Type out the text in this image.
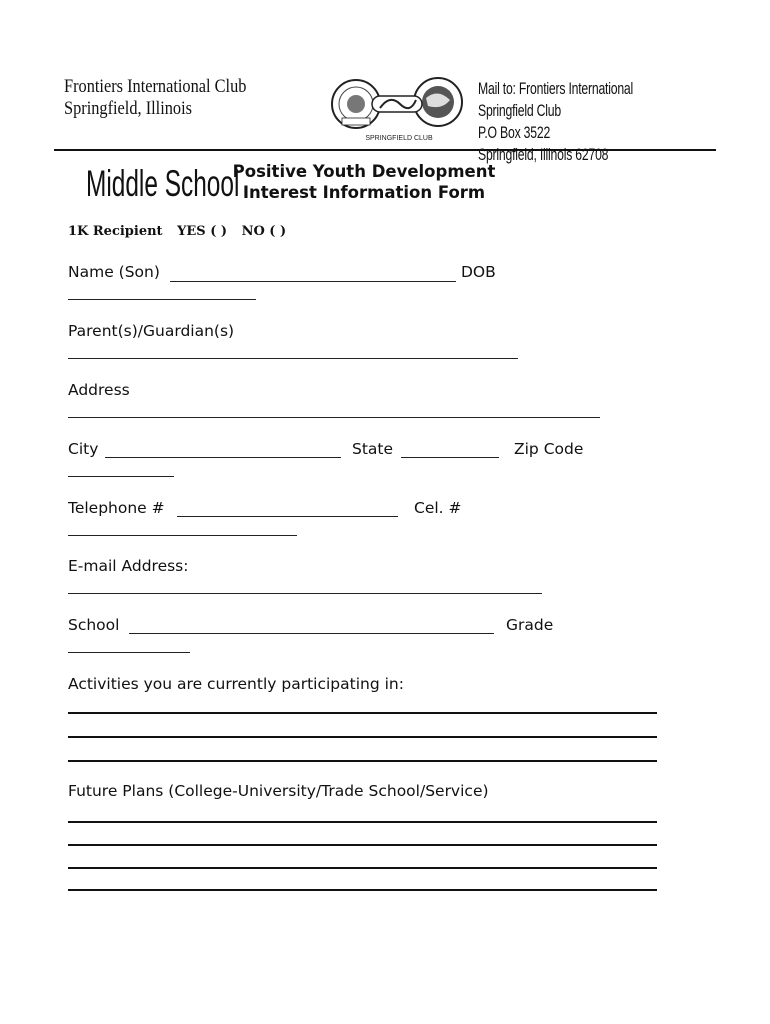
Frontiers International Club
Springfield, Illinois
SPRINGFIELD CLUB
Mail to: Frontiers International Springfield Club
P.O Box 3522
Springfield, Illinois 62708
Middle School
Positive Youth Development
Interest Information Form
1K Recipient YES ( ) NO ( )
Name (Son)	DOB
Parent(s)/Guardian(s)
Address
City	State	Zip Code
Telephone #	Cel. #
E-mail Address:
School	Grade
Activities you are currently participating in:
Future Plans (College-University/Trade School/Service)
